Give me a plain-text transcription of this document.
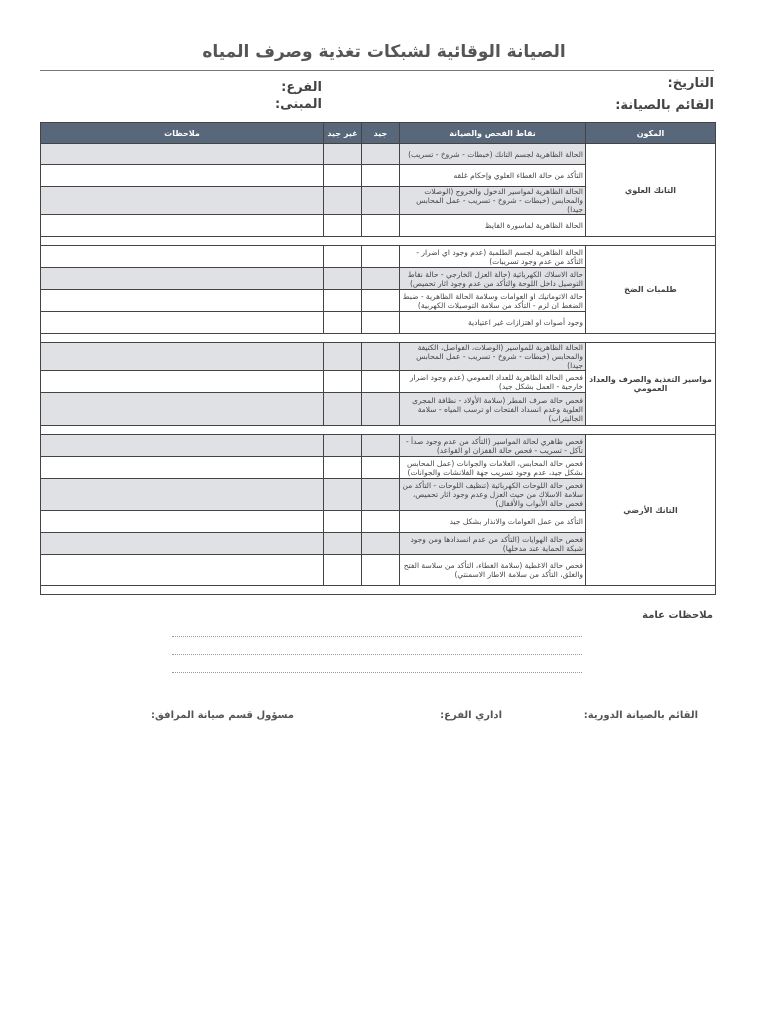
الصيانة الوقائية لشبكات تغذية وصرف المياه
التاريخ:
الفرع:
القائم بالصيانة:
المبنى:
المكون	نقاط الفحص والصيانة	جيد	غير جيد	ملاحظات
التانك العلوي	الحالة الظاهرية لجسم التانك (خبطات - شروخ - تسريب)			
	التأكد من حالة الغطاء العلوي وإحكام غلقه			
	الحالة الظاهرية لمواسير الدخول والخروج (الوصلات والمحابس (خبطات - شروخ - تسريب - عمل المحابس جيدا)			
	الحالة الظاهرية لماسورة الفايظ			

طلمبات الضخ	الحالة الظاهرية لجسم الطلمبة (عدم وجود اي اضرار - التأكد من عدم وجود تسريبات)			
	حالة الاسلاك الكهربائية (حالة العزل الخارجي - حالة نقاط التوصيل داخل اللوحة والتأكد من عدم وجود اثار تحميص)			
	حالة الاتوماتيك او العوامات وسلامة الحالة الظاهرية - ضبط الضغط ان لزم - التأكد من سلامة التوصيلات الكهربية)			
	وجود أصوات او اهتزازات غير اعتيادية			

مواسير التغذية والصرف والعداد العمومي	الحالة الظاهرية للمواسير (الوصلات، الفواصل، الكتيفة والمحابس (خبطات - شروخ - تسريب - عمل المحابس جيدا)			
	فحص الحالة الظاهرية للعداد العمومي (عدم وجود اضرار خارجية - العمل بشكل جيد)			
	فحص حالة صرف المطر (سلامة الأولاد - نظافة المجرى العلوية وعدم انسداد الفتحات او ترسب المياه - سلامة الجاليتراب)			

التانك الأرضي	فحص ظاهري لحالة المواسير (التأكد من عدم وجود صدأ - تآكل - تسريب - فحص حالة القفزان او القواعد)			
	فحص حالة المحابس، العلامات والجوانات (عمل المحابس بشكل جيد، عدم وجود تسريب جهة الفلانشات والجوانات)			
	فحص حالة اللوحات الكهربائية (تنظيف اللوحات - التأكد من سلامة الاسلاك من حيث العزل وعدم وجود اثار تحميص، فحص حالة الأبواب والأقفال)			
	التأكد من عمل العوامات والانذار بشكل جيد			
	فحص حالة الهوايات (التأكد من عدم انسدادها ومن وجود شبكة الحماية عند مدخلها)			
	فحص حالة الاغطية (سلامة الغطاء، التأكد من سلاسة الفتح والغلق، التأكد من سلامة الاطار الاسمنتي)			

ملاحظات عامة
القائم بالصيانة الدورية:
اداري الفرع:
مسؤول قسم صيانة المرافق:
